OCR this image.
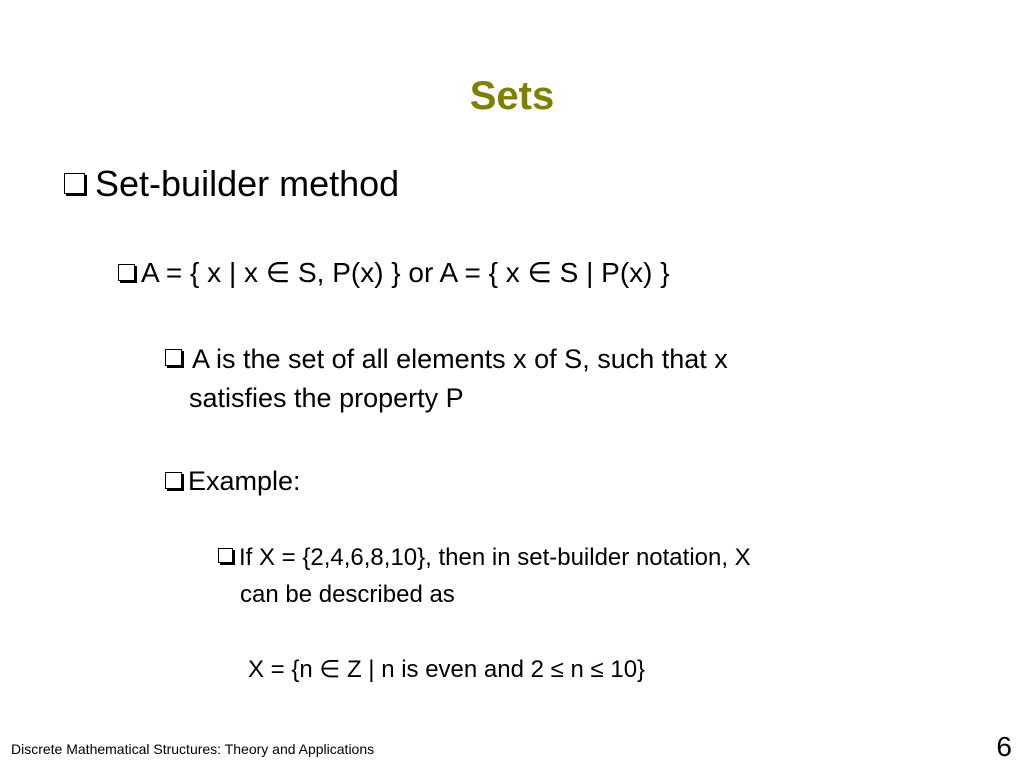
Sets
Set-builder method
A = { x | x ∈ S, P(x) } or A = { x ∈ S | P(x) }
A is the set of all elements x of S, such that x
satisfies the property P
Example:
If X = {2,4,6,8,10}, then in set-builder notation, X
can be described as
X = {n ∈ Z | n is even and 2 ≤ n ≤ 10}
Discrete Mathematical Structures: Theory and Applications	6
